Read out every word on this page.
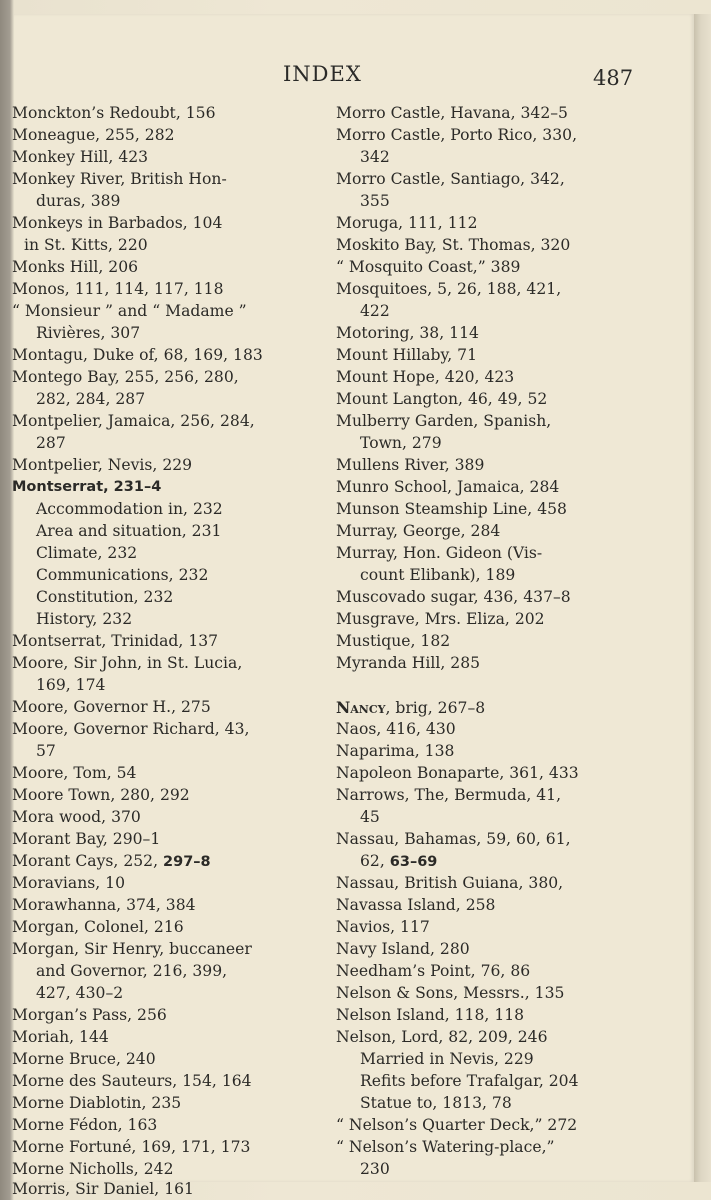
INDEX	487
Monckton’s Redoubt, 156
Moneague, 255, 282
Monkey Hill, 423
Monkey River, British Hon-
duras, 389
Monkeys in Barbados, 104
in St. Kitts, 220
Monks Hill, 206
Monos, 111, 114, 117, 118
“ Monsieur ” and “ Madame ”
Rivières, 307
Montagu, Duke of, 68, 169, 183
Montego Bay, 255, 256, 280,
282, 284, 287
Montpelier, Jamaica, 256, 284,
287
Montpelier, Nevis, 229
Montserrat, 231–4
Accommodation in, 232
Area and situation, 231
Climate, 232
Communications, 232
Constitution, 232
History, 232
Montserrat, Trinidad, 137
Moore, Sir John, in St. Lucia,
169, 174
Moore, Governor H., 275
Moore, Governor Richard, 43,
57
Moore, Tom, 54
Moore Town, 280, 292
Mora wood, 370
Morant Bay, 290–1
Morant Cays, 252, 297–8
Moravians, 10
Morawhanna, 374, 384
Morgan, Colonel, 216
Morgan, Sir Henry, buccaneer
and Governor, 216, 399,
427, 430–2
Morgan’s Pass, 256
Moriah, 144
Morne Bruce, 240
Morne des Sauteurs, 154, 164
Morne Diablotin, 235
Morne Fédon, 163
Morne Fortuné, 169, 171, 173
Morne Nicholls, 242
Morris, Sir Daniel, 161
Morro Castle, Havana, 342–5
Morro Castle, Porto Rico, 330,
342
Morro Castle, Santiago, 342,
355
Moruga, 111, 112
Moskito Bay, St. Thomas, 320
“ Mosquito Coast,” 389
Mosquitoes, 5, 26, 188, 421,
422
Motoring, 38, 114
Mount Hillaby, 71
Mount Hope, 420, 423
Mount Langton, 46, 49, 52
Mulberry Garden, Spanish,
Town, 279
Mullens River, 389
Munro School, Jamaica, 284
Munson Steamship Line, 458
Murray, George, 284
Murray, Hon. Gideon (Vis-
count Elibank), 189
Muscovado sugar, 436, 437–8
Musgrave, Mrs. Eliza, 202
Mustique, 182
Myranda Hill, 285
Nancy, brig, 267–8
Naos, 416, 430
Naparima, 138
Napoleon Bonaparte, 361, 433
Narrows, The, Bermuda, 41,
45
Nassau, Bahamas, 59, 60, 61,
62, 63–69
Nassau, British Guiana, 380,
Navassa Island, 258
Navios, 117
Navy Island, 280
Needham’s Point, 76, 86
Nelson & Sons, Messrs., 135
Nelson Island, 118, 118
Nelson, Lord, 82, 209, 246
Married in Nevis, 229
Refits before Trafalgar, 204
Statue to, 1813, 78
“ Nelson’s Quarter Deck,” 272
“ Nelson’s Watering-place,”
230
